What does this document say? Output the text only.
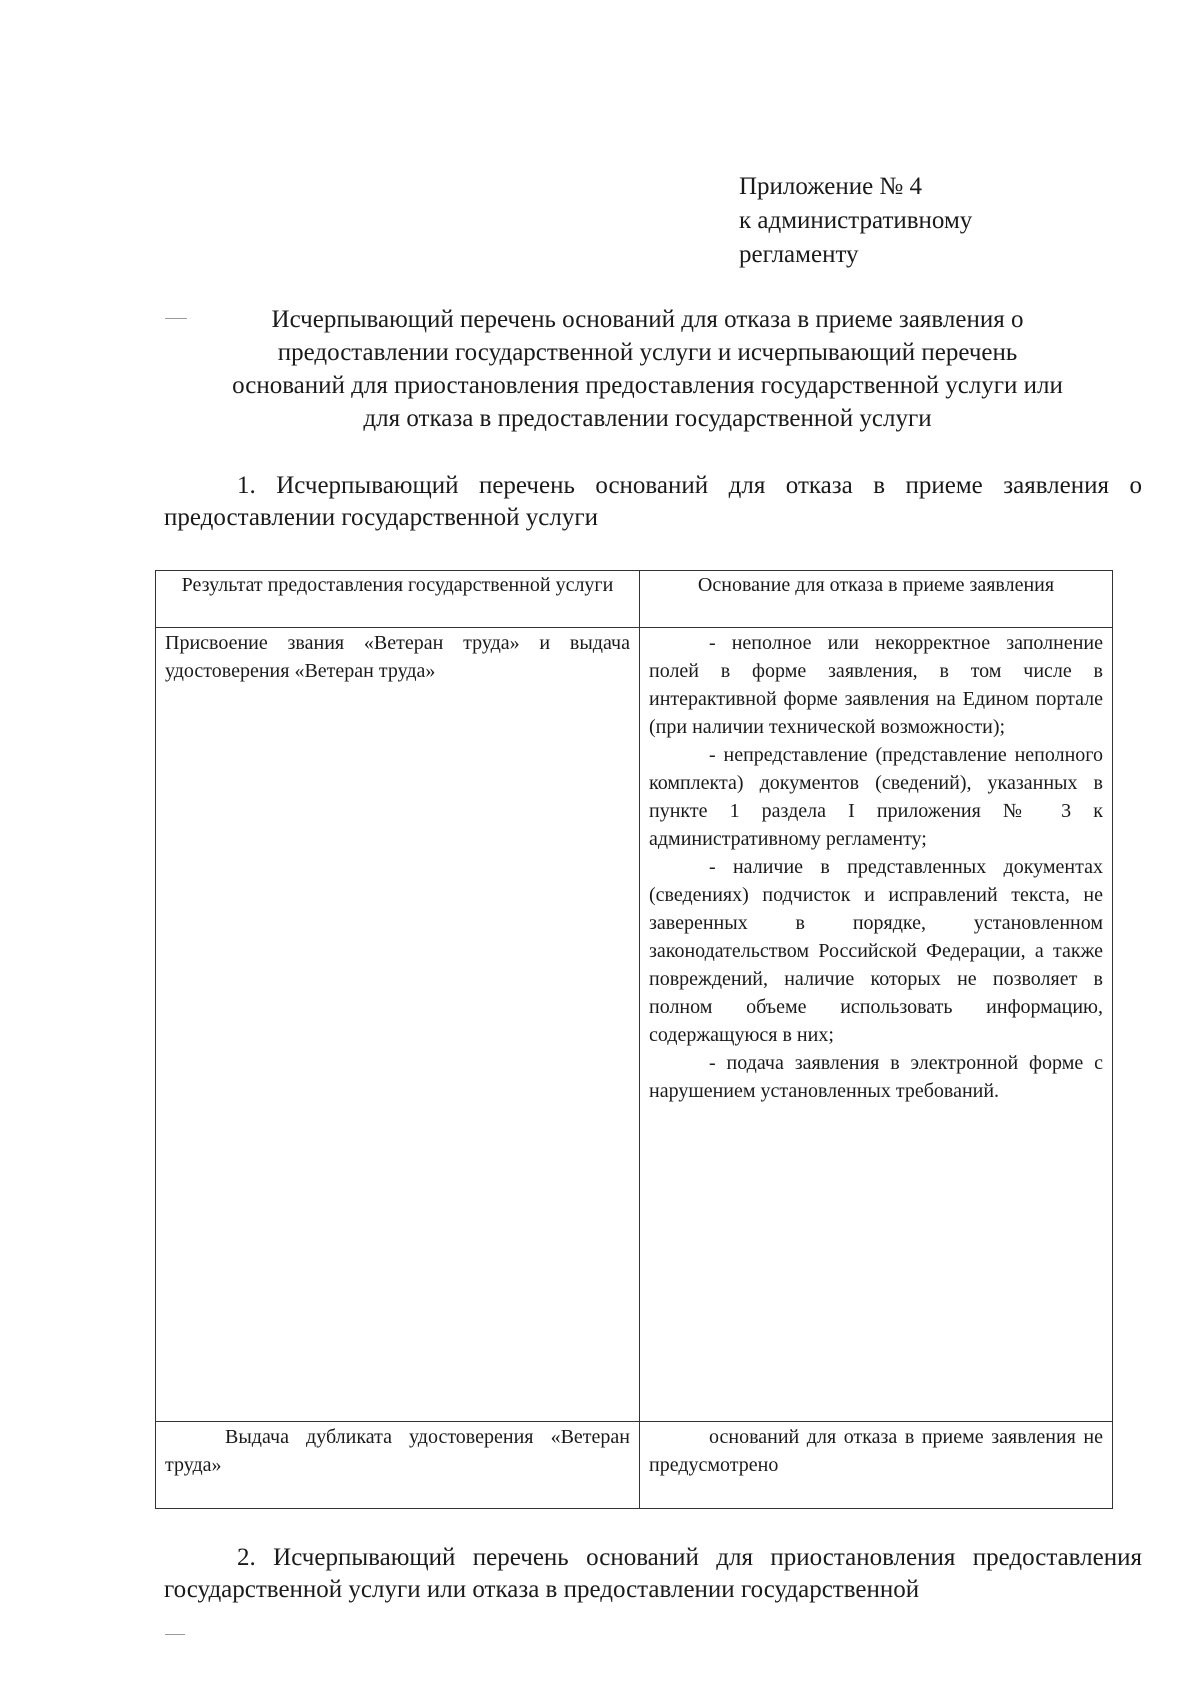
Приложение № 4
к административному
регламенту
Исчерпывающий перечень оснований для отказа в приеме заявления о
предоставлении государственной услуги и исчерпывающий перечень
оснований для приостановления предоставления государственной услуги или
для отказа в предоставлении государственной услуги
1. Исчерпывающий перечень оснований для отказа в приеме заявления о предоставлении государственной услуги
Результат предоставления государственной услуги	Основание для отказа в приеме заявления
Присвоение звания «Ветеран труда» и выдача удостоверения «Ветеран труда»	- неполное или некорректное заполнение полей в форме заявления, в том числе в интерактивной форме заявления на Едином портале (при наличии технической возможности);
- непредставление (представление неполного комплекта) документов (сведений), указанных в пункте 1 раздела I приложения № 3 к административному регламенту;
- наличие в представленных документах (сведениях) подчисток и исправлений текста, не заверенных в порядке, установленном законодательством Российской Федерации, а также повреждений, наличие которых не позволяет в полном объеме использовать информацию, содержащуюся в них;
- подача заявления в электронной форме с нарушением установленных требований.

Выдача дубликата удостоверения «Ветеран труда»	оснований для отказа в приеме заявления не предусмотрено
2. Исчерпывающий перечень оснований для приостановления предоставления государственной услуги или отказа в предоставлении государственной
